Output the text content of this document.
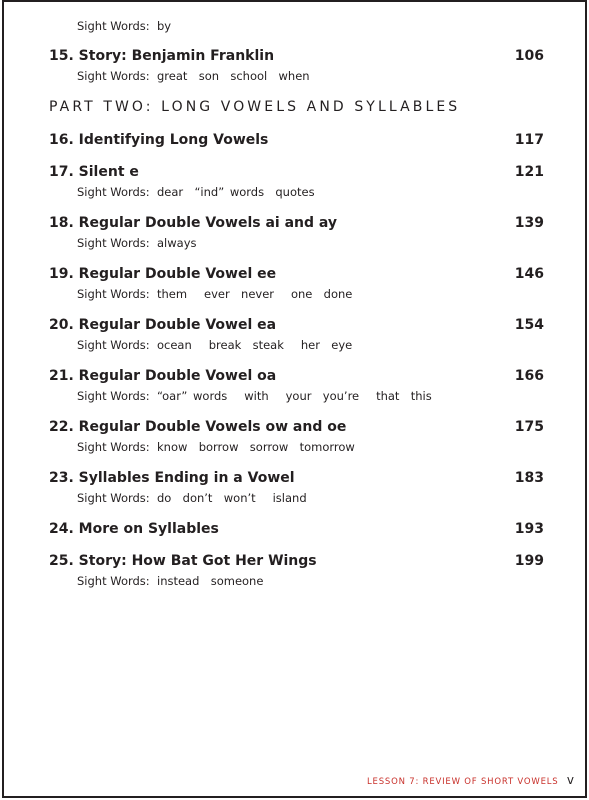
Sight Words: by
15. Story: Benjamin Franklin	106
Sight Words: great  son  school  when
PART TWO: LONG VOWELS AND SYLLABLES
16. Identifying Long Vowels	117
17. Silent e	121
Sight Words: dear  “ind” words  quotes
18. Regular Double Vowels ai and ay	139
Sight Words: always
19. Regular Double Vowel ee	146
Sight Words: them   ever  never   one  done
20. Regular Double Vowel ea	154
Sight Words: ocean   break  steak   her  eye
21. Regular Double Vowel oa	166
Sight Words: “oar” words   with   your  you’re   that  this
22. Regular Double Vowels ow and oe	175
Sight Words: know  borrow  sorrow  tomorrow
23. Syllables Ending in a Vowel	183
Sight Words: do  don’t  won’t   island
24. More on Syllables	193
25. Story: How Bat Got Her Wings	199
Sight Words: instead  someone
LESSON 7: REVIEW OF SHORT VOWELS v
